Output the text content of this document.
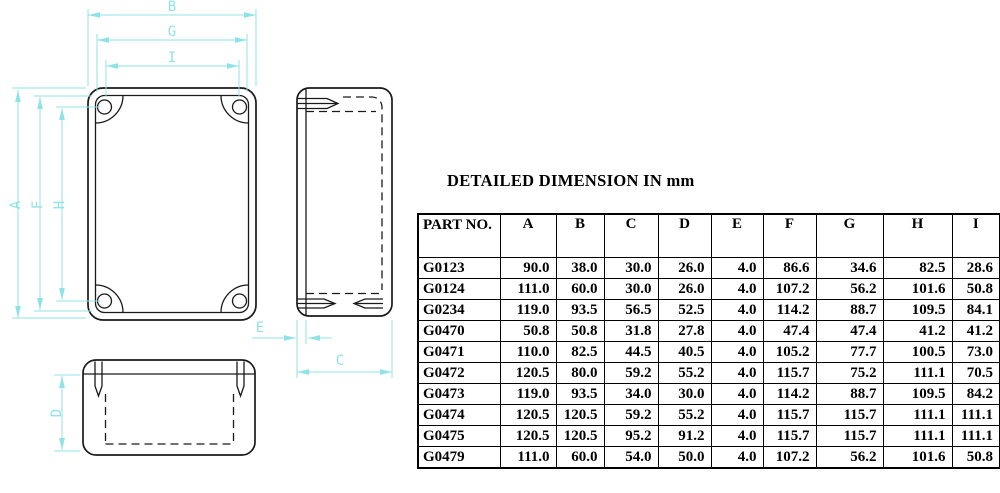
B
G
I
A F H
E
C
D
DETAILED DIMENSION IN mm
PART NO.	A	B	C	D	E	F	G	H	I
G0123	90.0	38.0	30.0	26.0	4.0	86.6	34.6	82.5	28.6
G0124	111.0	60.0	30.0	26.0	4.0	107.2	56.2	101.6	50.8
G0234	119.0	93.5	56.5	52.5	4.0	114.2	88.7	109.5	84.1
G0470	50.8	50.8	31.8	27.8	4.0	47.4	47.4	41.2	41.2
G0471	110.0	82.5	44.5	40.5	4.0	105.2	77.7	100.5	73.0
G0472	120.5	80.0	59.2	55.2	4.0	115.7	75.2	111.1	70.5
G0473	119.0	93.5	34.0	30.0	4.0	114.2	88.7	109.5	84.2
G0474	120.5	120.5	59.2	55.2	4.0	115.7	115.7	111.1	111.1
G0475	120.5	120.5	95.2	91.2	4.0	115.7	115.7	111.1	111.1
G0479	111.0	60.0	54.0	50.0	4.0	107.2	56.2	101.6	50.8
